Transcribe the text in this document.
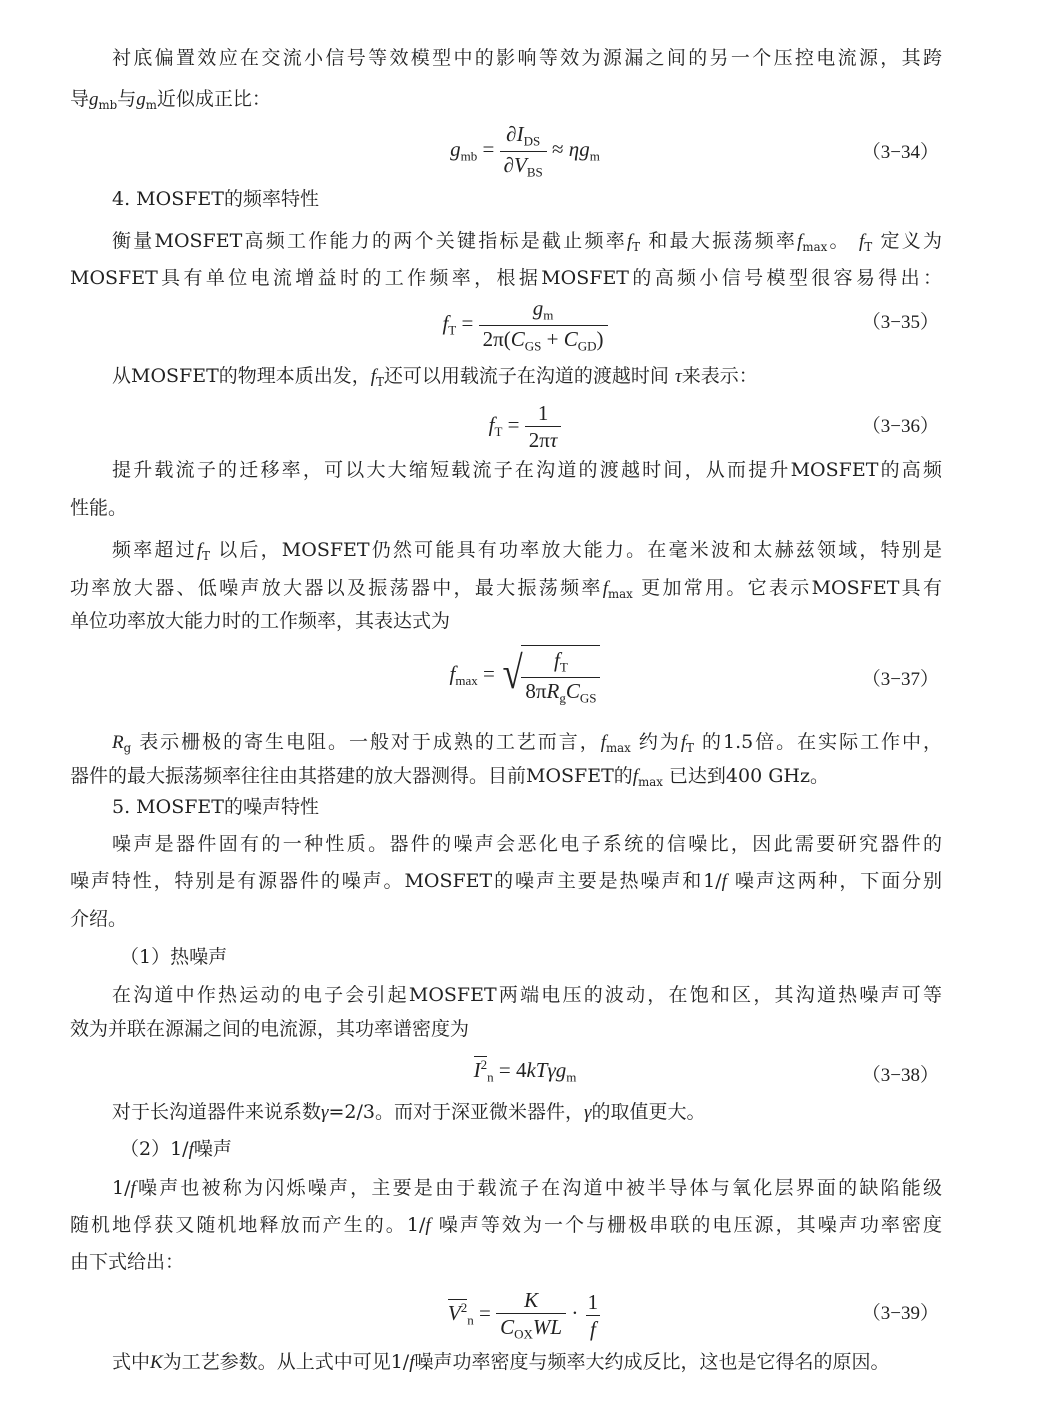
衬底偏置效应在交流小信号等效模型中的影响等效为源漏之间的另一个压控电流源，其跨
导$g_{mb}$与$g_m$近似成正比：
$g_{mb} = \frac{\partial I_{DS}}{\partial V_{BS}} \approx \eta g_m$	（3−34）
4. MOSFET的频率特性
衡量MOSFET高频工作能力的两个关键指标是截止频率$f_T$ 和最大振荡频率$f_{max}$。 $f_T$ 定义为
MOSFET具有单位电流增益时的工作频率，根据MOSFET的高频小信号模型很容易得出：
$f_T = \frac{g_m}{2\pi(C_{GS} + C_{GD})}$	（3−35）
从MOSFET的物理本质出发，$f_T$还可以用载流子在沟道的渡越时间 τ来表示：
$f_T = \frac{1}{2\pi\tau}$	（3−36）
提升载流子的迁移率，可以大大缩短载流子在沟道的渡越时间，从而提升MOSFET的高频
性能。
频率超过$f_T$ 以后，MOSFET仍然可能具有功率放大能力。在毫米波和太赫兹领域，特别是
功率放大器、低噪声放大器以及振荡器中，最大振荡频率$f_{max}$ 更加常用。它表示MOSFET具有
单位功率放大能力时的工作频率，其表达式为
$f_{max}$ = √
$\frac{f_T}{8\pi R_gC_{GS}}$	（3−37）
$R_g$ 表示栅极的寄生电阻。一般对于成熟的工艺而言，$f_{max}$ 约为$f_T$ 的1.5倍。在实际工作中，
器件的最大振荡频率往往由其搭建的放大器测得。目前MOSFET的$f_{max}$ 已达到400 GHz。
5. MOSFET的噪声特性
噪声是器件固有的一种性质。器件的噪声会恶化电子系统的信噪比，因此需要研究器件的
噪声特性，特别是有源器件的噪声。MOSFET的噪声主要是热噪声和1/f 噪声这两种，下面分别
介绍。
（1）热噪声
在沟道中作热运动的电子会引起MOSFET两端电压的波动，在饱和区，其沟道热噪声可等
效为并联在源漏之间的电流源，其功率谱密度为
$I^2_n = 4kT\gamma g_m$	（3−38）
对于长沟道器件来说系数γ=2/3。而对于深亚微米器件，γ的取值更大。
（2）1/f噪声
1/f噪声也被称为闪烁噪声，主要是由于载流子在沟道中被半导体与氧化层界面的缺陷能级
随机地俘获又随机地释放而产生的。1/f 噪声等效为一个与栅极串联的电压源，其噪声功率密度
由下式给出：
$V^2_n = \frac{K}{C_{OX}WL} \cdot \frac{1}{f}$	（3−39）
式中K为工艺参数。从上式中可见1/f噪声功率密度与频率大约成反比，这也是它得名的原因。
